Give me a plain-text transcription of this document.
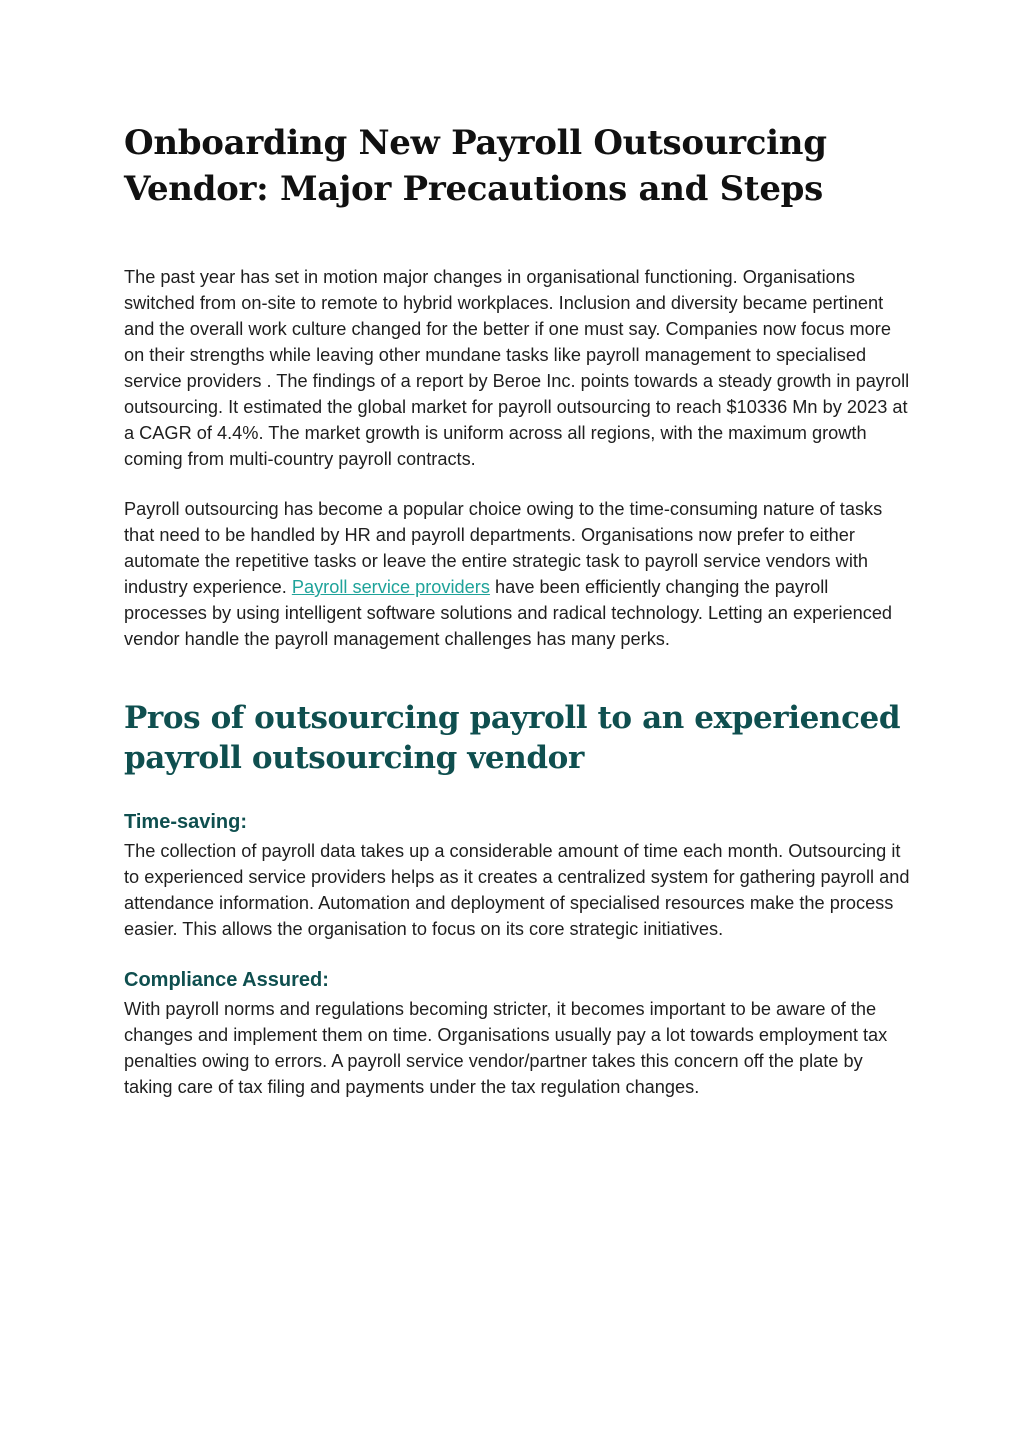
Onboarding New Payroll Outsourcing Vendor: Major Precautions and Steps

The past year has set in motion major changes in organisational functioning. Organisations switched from on-site to remote to hybrid workplaces. Inclusion and diversity became pertinent and the overall work culture changed for the better if one must say. Companies now focus more on their strengths while leaving other mundane tasks like payroll management to specialised service providers . The findings of a report by Beroe Inc. points towards a steady growth in payroll outsourcing. It estimated the global market for payroll outsourcing to reach $10336 Mn by 2023 at a CAGR of 4.4%. The market growth is uniform across all regions, with the maximum growth coming from multi-country payroll contracts.

Payroll outsourcing has become a popular choice owing to the time-consuming nature of tasks that need to be handled by HR and payroll departments. Organisations now prefer to either automate the repetitive tasks or leave the entire strategic task to payroll service vendors with industry experience. Payroll service providers have been efficiently changing the payroll processes by using intelligent software solutions and radical technology. Letting an experienced vendor handle the payroll management challenges has many perks.

Pros of outsourcing payroll to an experienced payroll outsourcing vendor
Time-saving:

The collection of payroll data takes up a considerable amount of time each month. Outsourcing it to experienced service providers helps as it creates a centralized system for gathering payroll and attendance information. Automation and deployment of specialised resources make the process easier. This allows the organisation to focus on its core strategic initiatives.

Compliance Assured:

With payroll norms and regulations becoming stricter, it becomes important to be aware of the changes and implement them on time. Organisations usually pay a lot towards employment tax penalties owing to errors. A payroll service vendor/partner takes this concern off the plate by taking care of tax filing and payments under the tax regulation changes.
